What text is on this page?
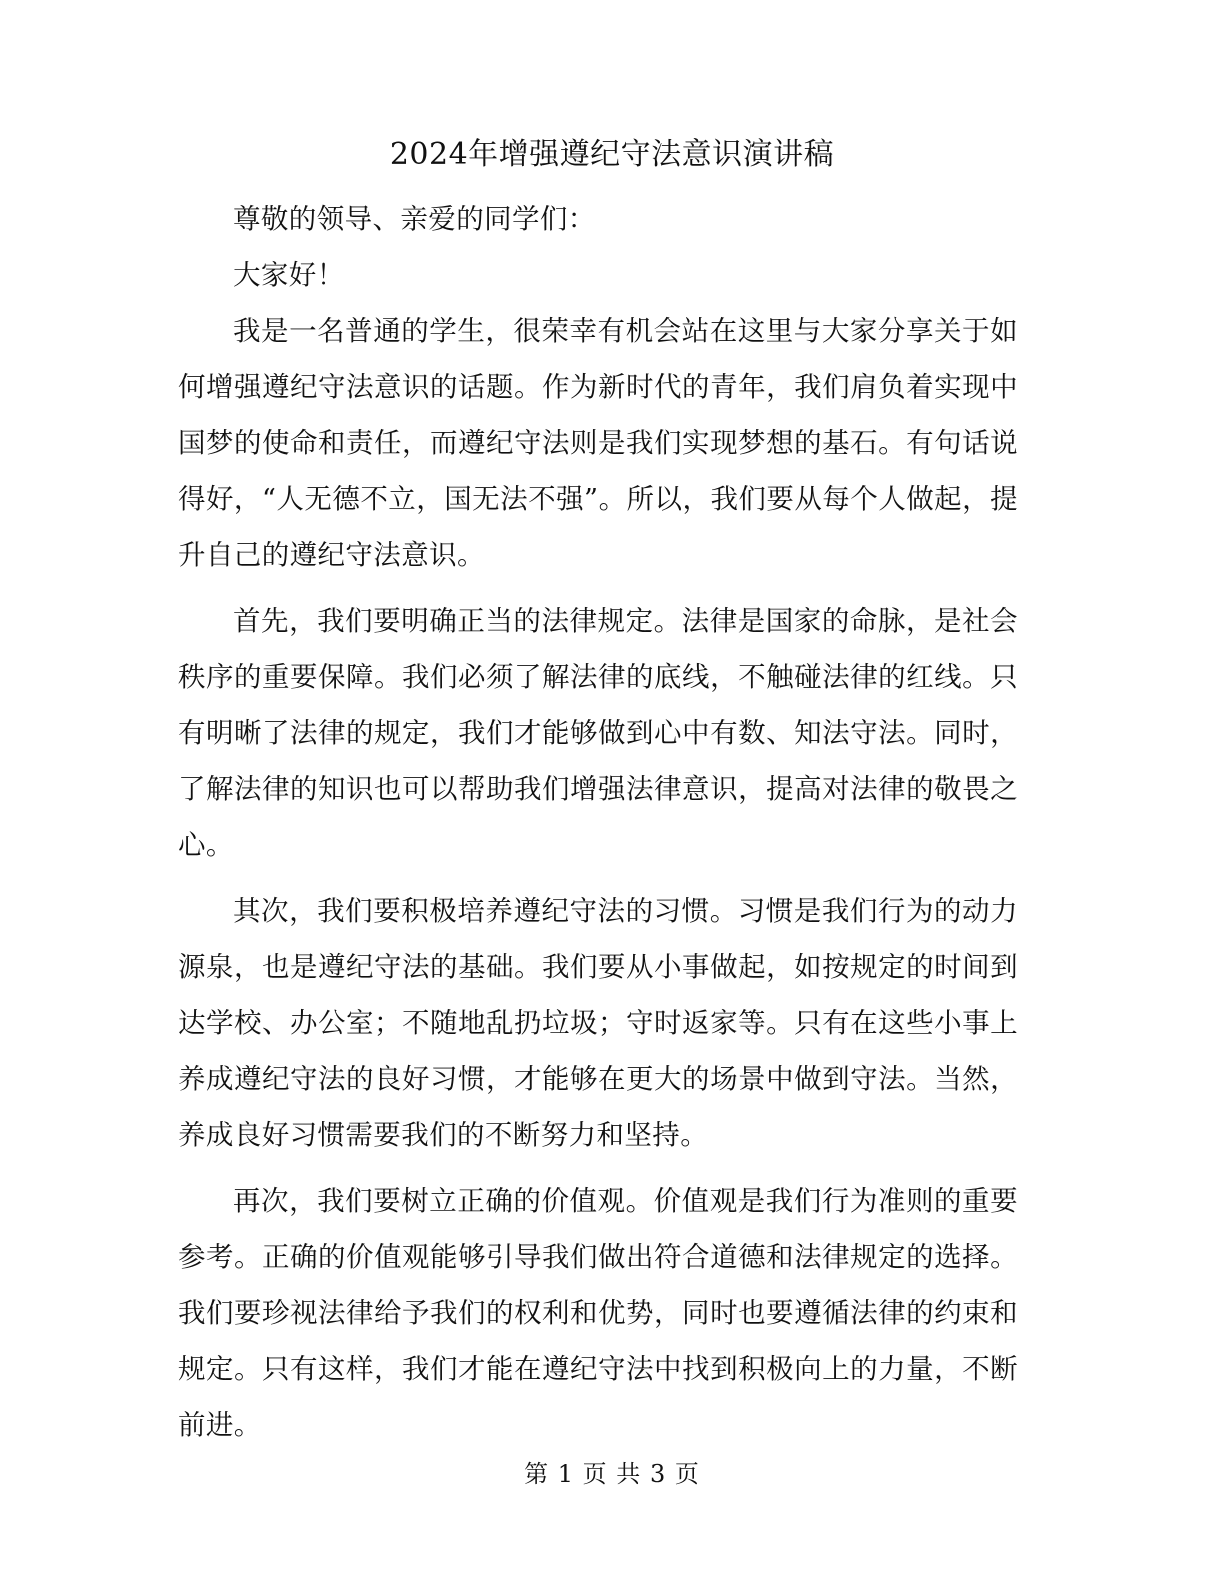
2024年增强遵纪守法意识演讲稿

尊敬的领导、亲爱的同学们：

大家好！

我是一名普通的学生，很荣幸有机会站在这里与大家分享关于如何增强遵纪守法意识的话题。作为新时代的青年，我们肩负着实现中国梦的使命和责任，而遵纪守法则是我们实现梦想的基石。有句话说得好，“人无德不立，国无法不强”。所以，我们要从每个人做起，提升自己的遵纪守法意识。

首先，我们要明确正当的法律规定。法律是国家的命脉，是社会秩序的重要保障。我们必须了解法律的底线，不触碰法律的红线。只有明晰了法律的规定，我们才能够做到心中有数、知法守法。同时，了解法律的知识也可以帮助我们增强法律意识，提高对法律的敬畏之心。

其次，我们要积极培养遵纪守法的习惯。习惯是我们行为的动力源泉，也是遵纪守法的基础。我们要从小事做起，如按规定的时间到达学校、办公室；不随地乱扔垃圾；守时返家等。只有在这些小事上养成遵纪守法的良好习惯，才能够在更大的场景中做到守法。当然，养成良好习惯需要我们的不断努力和坚持。

再次，我们要树立正确的价值观。价值观是我们行为准则的重要参考。正确的价值观能够引导我们做出符合道德和法律规定的选择。我们要珍视法律给予我们的权利和优势，同时也要遵循法律的约束和规定。只有这样，我们才能在遵纪守法中找到积极向上的力量，不断前进。

第 1 页 共 3 页
